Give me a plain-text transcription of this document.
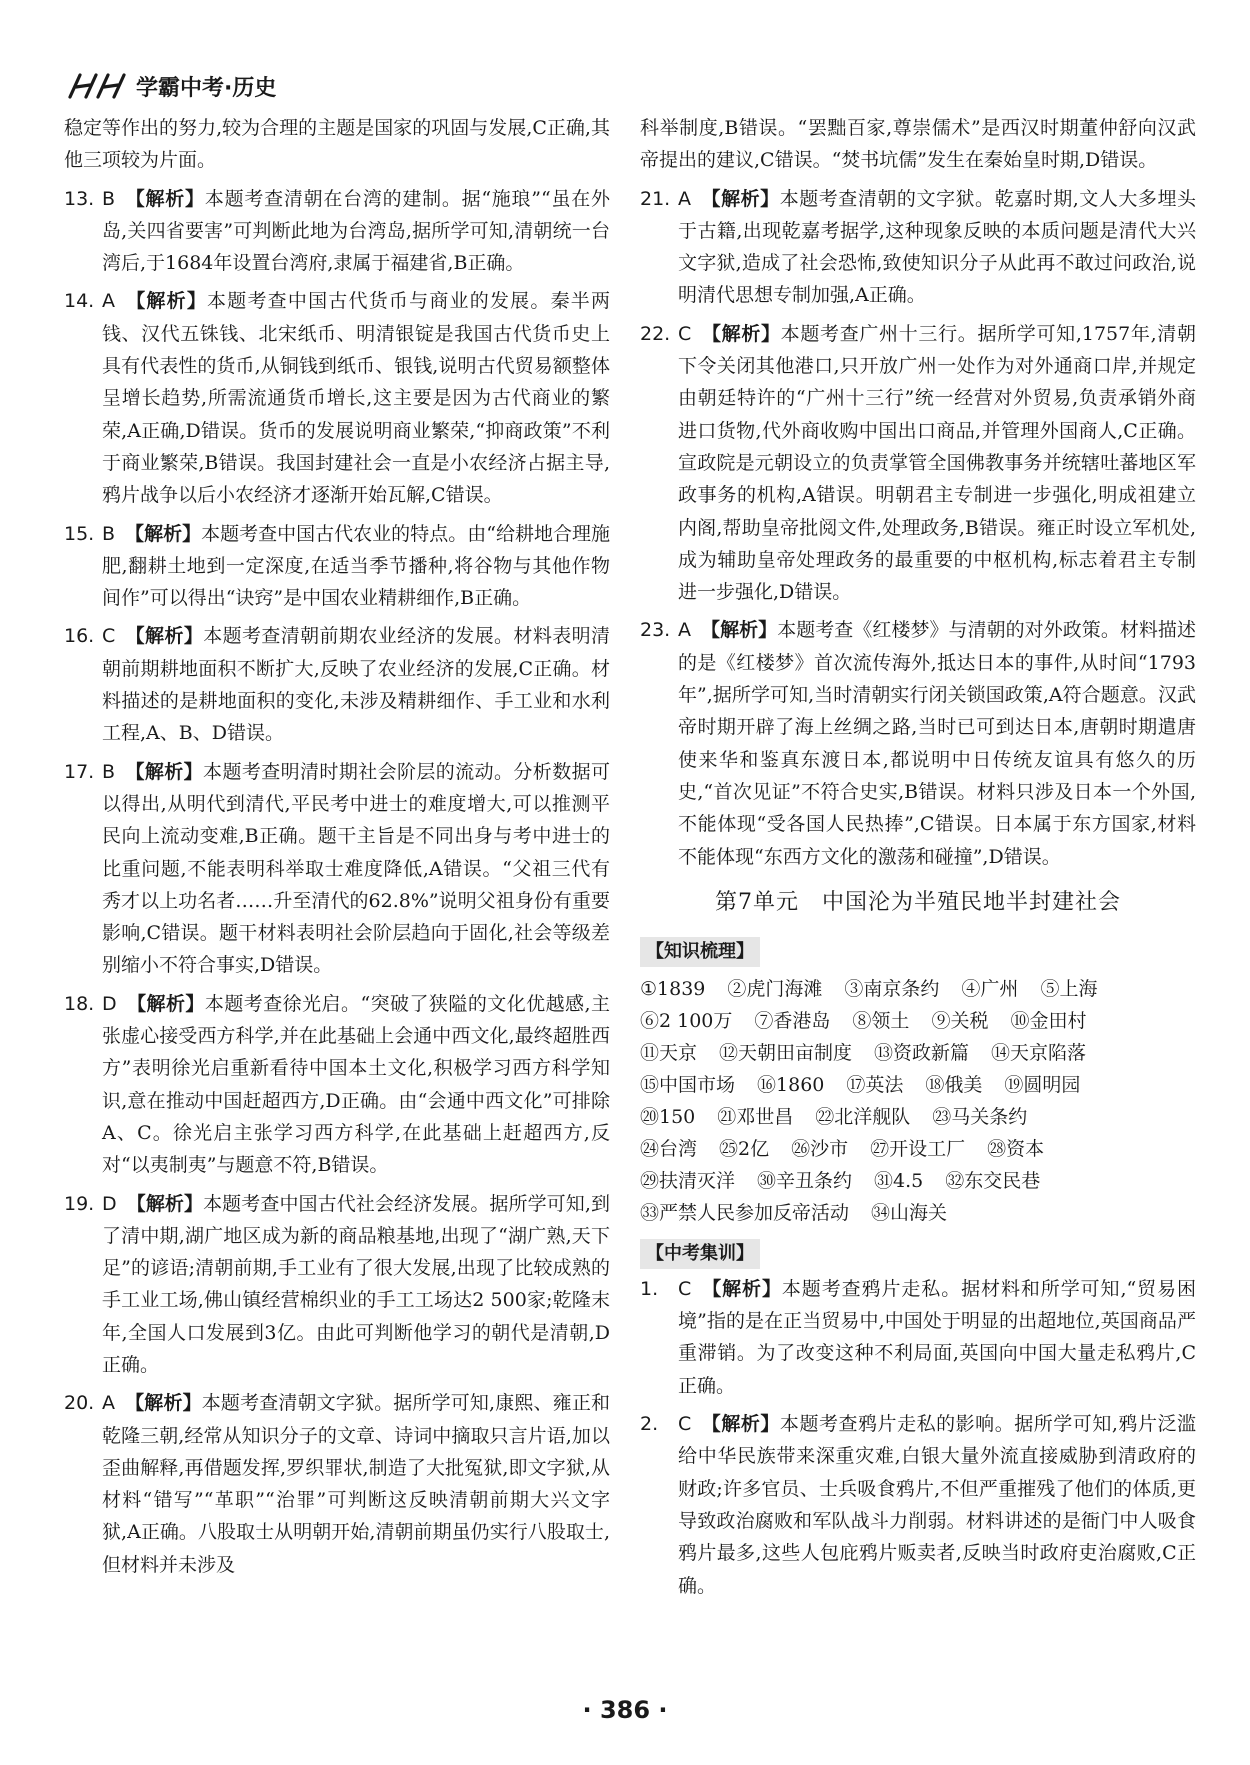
学霸中考·历史

稳定等作出的努力,较为合理的主题是国家的巩固与发展,C正确,其他三项较为片面。

13. B 【解析】本题考查清朝在台湾的建制。据“施琅”“虽在外岛,关四省要害”可判断此地为台湾岛,据所学可知,清朝统一台湾后,于1684年设置台湾府,隶属于福建省,B正确。
14. A 【解析】本题考查中国古代货币与商业的发展。秦半两钱、汉代五铢钱、北宋纸币、明清银锭是我国古代货币史上具有代表性的货币,从铜钱到纸币、银钱,说明古代贸易额整体呈增长趋势,所需流通货币增长,这主要是因为古代商业的繁荣,A正确,D错误。货币的发展说明商业繁荣,“抑商政策”不利于商业繁荣,B错误。我国封建社会一直是小农经济占据主导,鸦片战争以后小农经济才逐渐开始瓦解,C错误。
15. B 【解析】本题考查中国古代农业的特点。由“给耕地合理施肥,翻耕土地到一定深度,在适当季节播种,将谷物与其他作物间作”可以得出“诀窍”是中国农业精耕细作,B正确。
16. C 【解析】本题考查清朝前期农业经济的发展。材料表明清朝前期耕地面积不断扩大,反映了农业经济的发展,C正确。材料描述的是耕地面积的变化,未涉及精耕细作、手工业和水利工程,A、B、D错误。
17. B 【解析】本题考查明清时期社会阶层的流动。分析数据可以得出,从明代到清代,平民考中进士的难度增大,可以推测平民向上流动变难,B正确。题干主旨是不同出身与考中进士的比重问题,不能表明科举取士难度降低,A错误。“父祖三代有秀才以上功名者……升至清代的62.8%”说明父祖身份有重要影响,C错误。题干材料表明社会阶层趋向于固化,社会等级差别缩小不符合事实,D错误。
18. D 【解析】本题考查徐光启。“突破了狭隘的文化优越感,主张虚心接受西方科学,并在此基础上会通中西文化,最终超胜西方”表明徐光启重新看待中国本土文化,积极学习西方科学知识,意在推动中国赶超西方,D正确。由“会通中西文化”可排除A、C。徐光启主张学习西方科学,在此基础上赶超西方,反对“以夷制夷”与题意不符,B错误。
19. D 【解析】本题考查中国古代社会经济发展。据所学可知,到了清中期,湖广地区成为新的商品粮基地,出现了“湖广熟,天下足”的谚语;清朝前期,手工业有了很大发展,出现了比较成熟的手工业工场,佛山镇经营棉织业的手工工场达2 500家;乾隆末年,全国人口发展到3亿。由此可判断他学习的朝代是清朝,D正确。
20. A 【解析】本题考查清朝文字狱。据所学可知,康熙、雍正和乾隆三朝,经常从知识分子的文章、诗词中摘取只言片语,加以歪曲解释,再借题发挥,罗织罪状,制造了大批冤狱,即文字狱,从材料“错写”“革职”“治罪”可判断这反映清朝前期大兴文字狱,A正确。八股取士从明朝开始,清朝前期虽仍实行八股取士,但材料并未涉及

科举制度,B错误。“罢黜百家,尊崇儒术”是西汉时期董仲舒向汉武帝提出的建议,C错误。“焚书坑儒”发生在秦始皇时期,D错误。

21. A 【解析】本题考查清朝的文字狱。乾嘉时期,文人大多埋头于古籍,出现乾嘉考据学,这种现象反映的本质问题是清代大兴文字狱,造成了社会恐怖,致使知识分子从此再不敢过问政治,说明清代思想专制加强,A正确。
22. C 【解析】本题考查广州十三行。据所学可知,1757年,清朝下令关闭其他港口,只开放广州一处作为对外通商口岸,并规定由朝廷特许的“广州十三行”统一经营对外贸易,负责承销外商进口货物,代外商收购中国出口商品,并管理外国商人,C正确。宣政院是元朝设立的负责掌管全国佛教事务并统辖吐蕃地区军政事务的机构,A错误。明朝君主专制进一步强化,明成祖建立内阁,帮助皇帝批阅文件,处理政务,B错误。雍正时设立军机处,成为辅助皇帝处理政务的最重要的中枢机构,标志着君主专制进一步强化,D错误。
23. A 【解析】本题考查《红楼梦》与清朝的对外政策。材料描述的是《红楼梦》首次流传海外,抵达日本的事件,从时间“1793年”,据所学可知,当时清朝实行闭关锁国政策,A符合题意。汉武帝时期开辟了海上丝绸之路,当时已可到达日本,唐朝时期遣唐使来华和鉴真东渡日本,都说明中日传统友谊具有悠久的历史,“首次见证”不符合史实,B错误。材料只涉及日本一个外国,不能体现“受各国人民热捧”,C错误。日本属于东方国家,材料不能体现“东西方文化的激荡和碰撞”,D错误。
第7单元　中国沦为半殖民地半封建社会
【知识梳理】
①1839 ②虎门海滩 ③南京条约 ④广州 ⑤上海
⑥2 100万 ⑦香港岛 ⑧领土 ⑨关税 ⑩金田村
⑪天京 ⑫天朝田亩制度 ⑬资政新篇 ⑭天京陷落
⑮中国市场 ⑯1860 ⑰英法 ⑱俄美 ⑲圆明园
⑳150 ㉑邓世昌 ㉒北洋舰队 ㉓马关条约
㉔台湾 ㉕2亿 ㉖沙市 ㉗开设工厂 ㉘资本
㉙扶清灭洋 ㉚辛丑条约 ㉛4.5 ㉜东交民巷
㉝严禁人民参加反帝活动 ㉞山海关
【中考集训】
1.	C 【解析】本题考查鸦片走私。据材料和所学可知,“贸易困境”指的是在正当贸易中,中国处于明显的出超地位,英国商品严重滞销。为了改变这种不利局面,英国向中国大量走私鸦片,C正确。
2.	C 【解析】本题考查鸦片走私的影响。据所学可知,鸦片泛滥给中华民族带来深重灾难,白银大量外流直接威胁到清政府的财政;许多官员、士兵吸食鸦片,不但严重摧残了他们的体质,更导致政治腐败和军队战斗力削弱。材料讲述的是衙门中人吸食鸦片最多,这些人包庇鸦片贩卖者,反映当时政府吏治腐败,C正确。
· 386 ·
